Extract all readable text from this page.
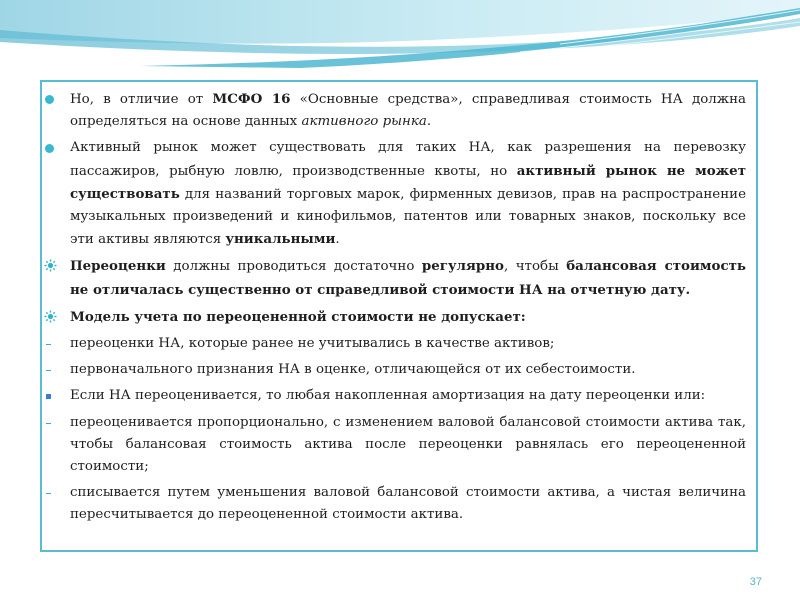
Но, в отличие от МСФО 16 «Основные средства», справедливая стоимость НА должна определяться на основе данных активного рынка.

Активный рынок может существовать для таких НА, как разрешения на перевозку пассажиров, рыбную ловлю, производственные квоты, но активный рынок не может существовать для названий торговых марок, фирменных девизов, прав на распространение музыкальных произведений и кинофильмов, патентов или товарных знаков, поскольку все эти активы являются уникальными.

Переоценки должны проводиться достаточно регулярно, чтобы балансовая стоимость не отличалась существенно от справедливой стоимости НА на отчетную дату.

Модель учета по переоцененной стоимости не допускает:

переоценки НА, которые ранее не учитывались в качестве активов;

первоначального признания НА в оценке, отличающейся от их себестоимости.

Если НА переоценивается, то любая накопленная амортизация на дату переоценки или:

переоценивается пропорционально, с изменением валовой балансовой стоимости актива так, чтобы балансовая стоимость актива после переоценки равнялась его переоцененной стоимости;

списывается путем уменьшения валовой балансовой стоимости актива, а чистая величина пересчитывается до переоцененной стоимости актива.

37
